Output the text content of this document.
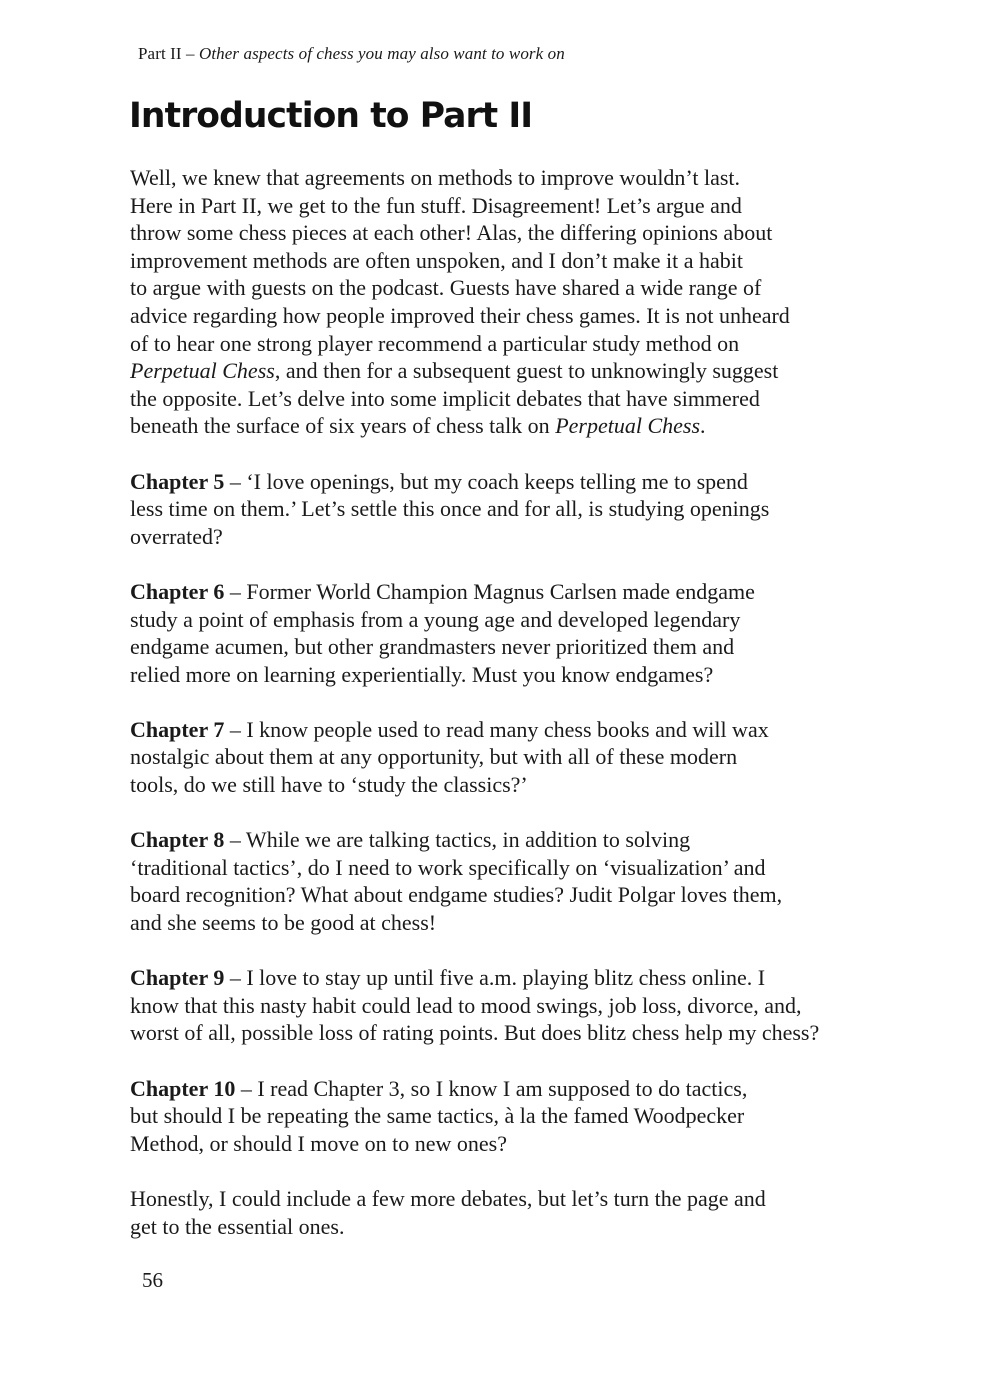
Part II – Other aspects of chess you may also want to work on
Introduction to Part II

Well, we knew that agreements on methods to improve wouldn’t last.
Here in Part II, we get to the fun stuff. Disagreement! Let’s argue and
throw some chess pieces at each other! Alas, the differing opinions about
improvement methods are often unspoken, and I don’t make it a habit
to argue with guests on the podcast. Guests have shared a wide range of
advice regarding how people improved their chess games. It is not unheard
of to hear one strong player recommend a particular study method on
Perpetual Chess, and then for a subsequent guest to unknowingly suggest
the opposite. Let’s delve into some implicit debates that have simmered
beneath the surface of six years of chess talk on Perpetual Chess.

Chapter 5 – ‘I love openings, but my coach keeps telling me to spend
less time on them.’ Let’s settle this once and for all, is studying openings
overrated?

Chapter 6 – Former World Champion Magnus Carlsen made endgame
study a point of emphasis from a young age and developed legendary
endgame acumen, but other grandmasters never prioritized them and
relied more on learning experientially. Must you know endgames?

Chapter 7 – I know people used to read many chess books and will wax
nostalgic about them at any opportunity, but with all of these modern
tools, do we still have to ‘study the classics?’

Chapter 8 – While we are talking tactics, in addition to solving
‘traditional tactics’, do I need to work specifically on ‘visualization’ and
board recognition? What about endgame studies? Judit Polgar loves them,
and she seems to be good at chess!

Chapter 9 – I love to stay up until five a.m. playing blitz chess online. I
know that this nasty habit could lead to mood swings, job loss, divorce, and,
worst of all, possible loss of rating points. But does blitz chess help my chess?

Chapter 10 – I read Chapter 3, so I know I am supposed to do tactics,
but should I be repeating the same tactics, à la the famed Woodpecker
Method, or should I move on to new ones?

Honestly, I could include a few more debates, but let’s turn the page and
get to the essential ones.

56
